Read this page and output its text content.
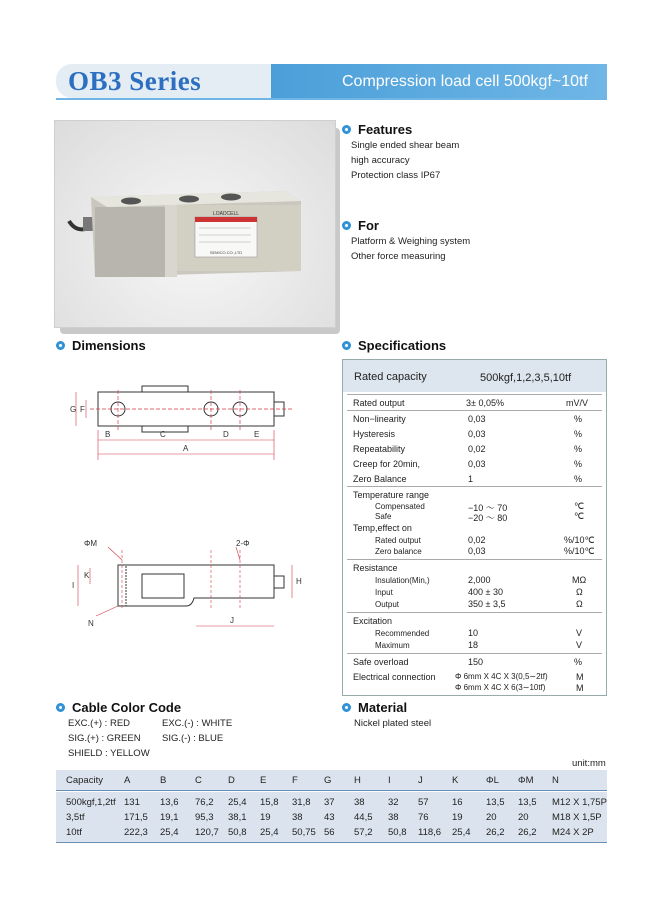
OB3 Series	Compression load cell 500kgf~10tf
LOADCELL
SEMICO.CO.,LTD
Features
Single ended shear beam
high accuracy
Protection class IP67
For
Platform & Weighing system
Other force measuring
Dimensions
B	C	D	E
A
G F
ΦM	2-Φ
I
K
H
N	J
Specifications
Rated capacity	500kgf,1,2,3,5,10tf
Rated output	3± 0,05%	mV/V
Non−linearity	0,03	%
Hysteresis	0,03	%
Repeatability	0,02	%
Creep for 20min,	0,03	%
Zero Balance	1	%
Temperature range
Compensated	−10 ～ 70	℃
Safe	−20 ～ 80	℃
Temp,effect on
Rated output	0,02	%/10℃
Zero balance	0,03	%/10℃
Resistance
Insulation(Min,)	2,000	MΩ
Input	400 ± 30	Ω
Output	350 ± 3,5	Ω
Excitation
Recommended	10	V
Maximum	18	V
Safe overload	150	%
Electrical connection Φ 6mm X 4C X 3(0,5∼2tf)	M
Φ 6mm X 4C X 6(3∼10tf)	M
Cable Color Code
EXC.(+) : RED
SIG.(+) : GREEN
SHIELD : YELLOW
EXC.(-) : WHITE
SIG.(-) : BLUE
Material
Nickel plated steel
unit:mm
Capacity A	B	C	D	E	F	G H	I	J	K	ΦL ΦM N
500kgf,1,2tf 131 13,6 76,2 25,4 15,8 31,8 37 38 32 57 16 13,5 13,5 M12 X 1,75P
3,5tf	171,5 19,1 95,3 38,1 19 38 43 44,5 38 76 19 20 20 M18 X 1,5P
10tf	222,3 25,4 120,7 50,8 25,4 50,75 56 57,2 50,8 118,6 25,4 26,2 26,2 M24 X 2P
